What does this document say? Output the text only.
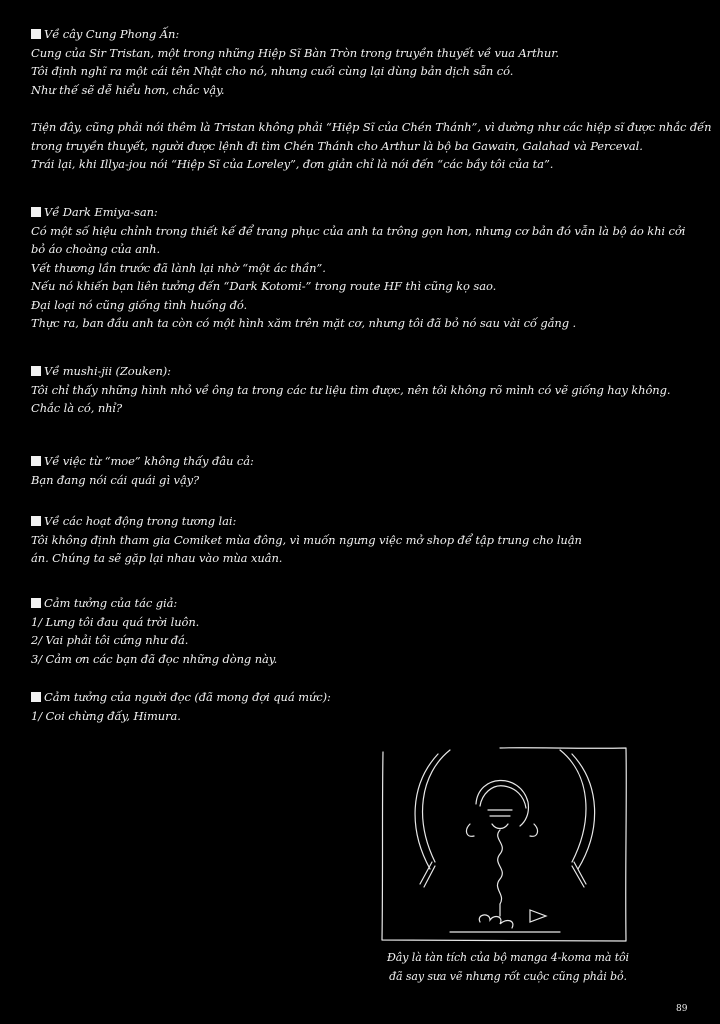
Về cây Cung Phong Ấn:
Cung của Sir Tristan, một trong những Hiệp Sĩ Bàn Tròn trong truyền thuyết về vua Arthur.
Tôi định nghĩ ra một cái tên Nhật cho nó, nhưng cuối cùng lại dùng bản dịch sẵn có.
Như thế sẽ dễ hiểu hơn, chắc vậy.
Tiện đây, cũng phải nói thêm là Tristan không phải “Hiệp Sĩ của Chén Thánh”, vì dường như các hiệp sĩ được nhắc đến
trong truyền thuyết, người được lệnh đi tìm Chén Thánh cho Arthur là bộ ba Gawain, Galahad và Perceval.
Trái lại, khi Illya-jou nói “Hiệp Sĩ của Loreley”, đơn giản chỉ là nói đến “các bầy tôi của ta”.
Về Dark Emiya-san:
Có một số hiệu chỉnh trong thiết kế để trang phục của anh ta trông gọn hơn, nhưng cơ bản đó vẫn là bộ áo khi cởi
bỏ áo choàng của anh.
Vết thương lần trước đã lành lại nhờ “một ác thần”.
Nếu nó khiến bạn liên tưởng đến “Dark Kotomi-” trong route HF thì cũng kọ sao.
Đại loại nó cũng giống tình huống đó.
Thực ra, ban đầu anh ta còn có một hình xăm trên mặt cơ, nhưng tôi đã bỏ nó sau vài cố gắng .
Về mushi-jii (Zouken):
Tôi chỉ thấy những hình nhỏ về ông ta trong các tư liệu tìm được, nên tôi không rõ mình có vẽ giống hay không.
Chắc là có, nhỉ?
Về việc từ “moe” không thấy đâu cả:
Bạn đang nói cái quái gì vậy?
Về các hoạt động trong tương lai:
Tôi không định tham gia Comiket mùa đông, vì muốn ngưng việc mở shop để tập trung cho luận
án. Chúng ta sẽ gặp lại nhau vào mùa xuân.
Cảm tưởng của tác giả:
1/ Lưng tôi đau quá trời luôn.
2/ Vai phải tôi cứng như đá.
3/ Cảm ơn các bạn đã đọc những dòng này.
Cảm tưởng của người đọc (đã mong đợi quá mức):
1/ Coi chừng đấy, Himura.
Đây là tàn tích của bộ manga 4-koma mà tôi
đã say sưa vẽ nhưng rốt cuộc cũng phải bỏ.
89
